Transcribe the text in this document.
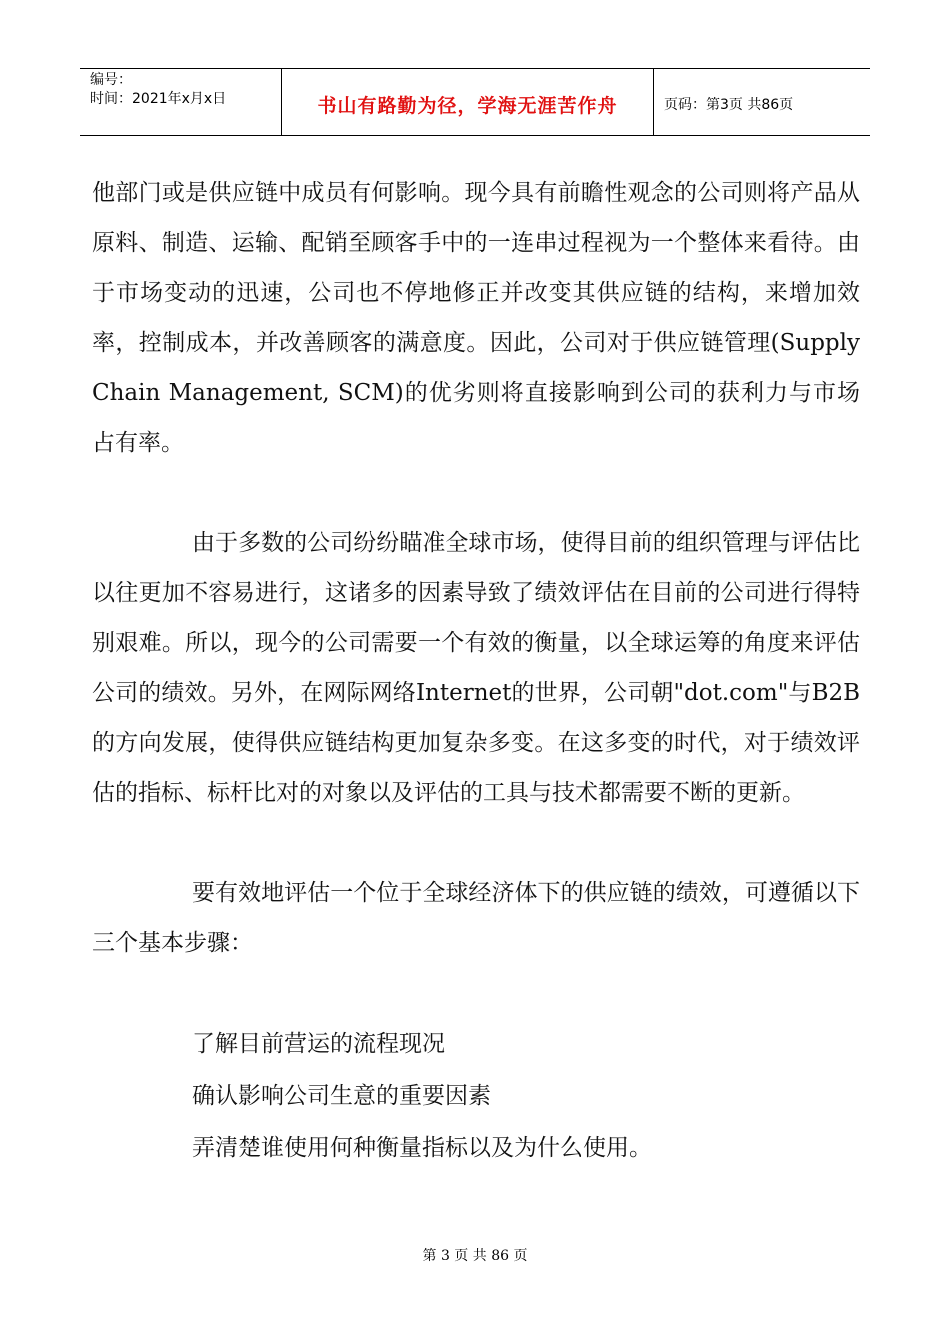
编号：
时间：2021年x月x日	书山有路勤为径，学海无涯苦作舟	页码：第3页 共86页

他部门或是供应链中成员有何影响。现今具有前瞻性观念的公司则将产品从原料、制造、运输、配销至顾客手中的一连串过程视为一个整体来看待。由于市场变动的迅速，公司也不停地修正并改变其供应链的结构，来增加效率，控制成本，并改善顾客的满意度。因此，公司对于供应链管理(Supply Chain Management, SCM)的优劣则将直接影响到公司的获利力与市场占有率。

由于多数的公司纷纷瞄准全球市场，使得目前的组织管理与评估比以往更加不容易进行，这诸多的因素导致了绩效评估在目前的公司进行得特别艰难。所以，现今的公司需要一个有效的衡量，以全球运筹的角度来评估公司的绩效。另外，在网际网络Internet的世界，公司朝"dot.com"与B2B的方向发展，使得供应链结构更加复杂多变。在这多变的时代，对于绩效评估的指标、标杆比对的对象以及评估的工具与技术都需要不断的更新。

要有效地评估一个位于全球经济体下的供应链的绩效，可遵循以下三个基本步骤：

了解目前营运的流程现况
确认影响公司生意的重要因素
弄清楚谁使用何种衡量指标以及为什么使用。
第 3 页 共 86 页
